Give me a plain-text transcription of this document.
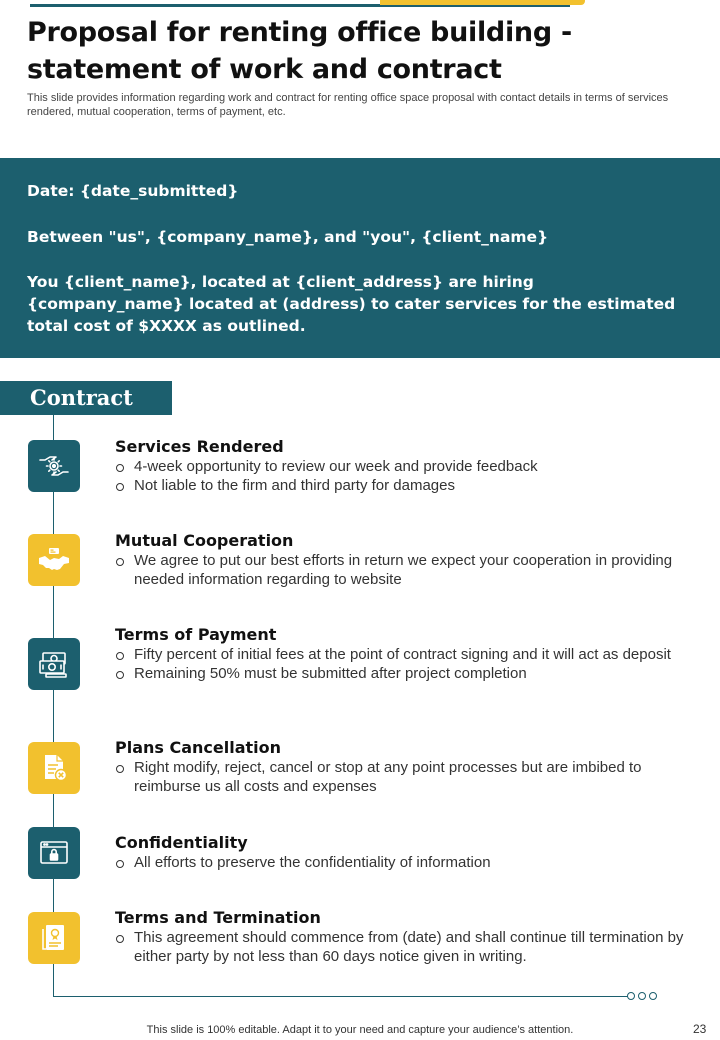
Proposal for renting office building - statement of work and contract

This slide provides information regarding work and contract for renting office space proposal with contact details in terms of services rendered, mutual cooperation, terms of payment, etc.

Date: {date_submitted}

Between "us", {company_name}, and "you", {client_name}

You {client_name}, located at {client_address} are hiring {company_name} located at (address) to cater services for the estimated total cost of $XXXX as outlined.

Contract

Services Rendered

4-week opportunity to review our week and provide feedback
Not liable to the firm and third party for damages

Mutual Cooperation

We agree to put our best efforts in return we expect your cooperation in providing needed information regarding to website

Terms of Payment

Fifty percent of initial fees at the point of contract signing and it will act as deposit
Remaining 50% must be submitted after project completion

Plans Cancellation

Right modify, reject, cancel or stop at any point processes but are imbibed to reimburse us all costs and expenses

Confidentiality

All efforts to preserve the confidentiality of information

Terms and Termination

This agreement should commence from (date) and shall continue till termination by either party by not less than 60 days notice given in writing.
This slide is 100% editable. Adapt it to your need and capture your audience’s attention.	23
